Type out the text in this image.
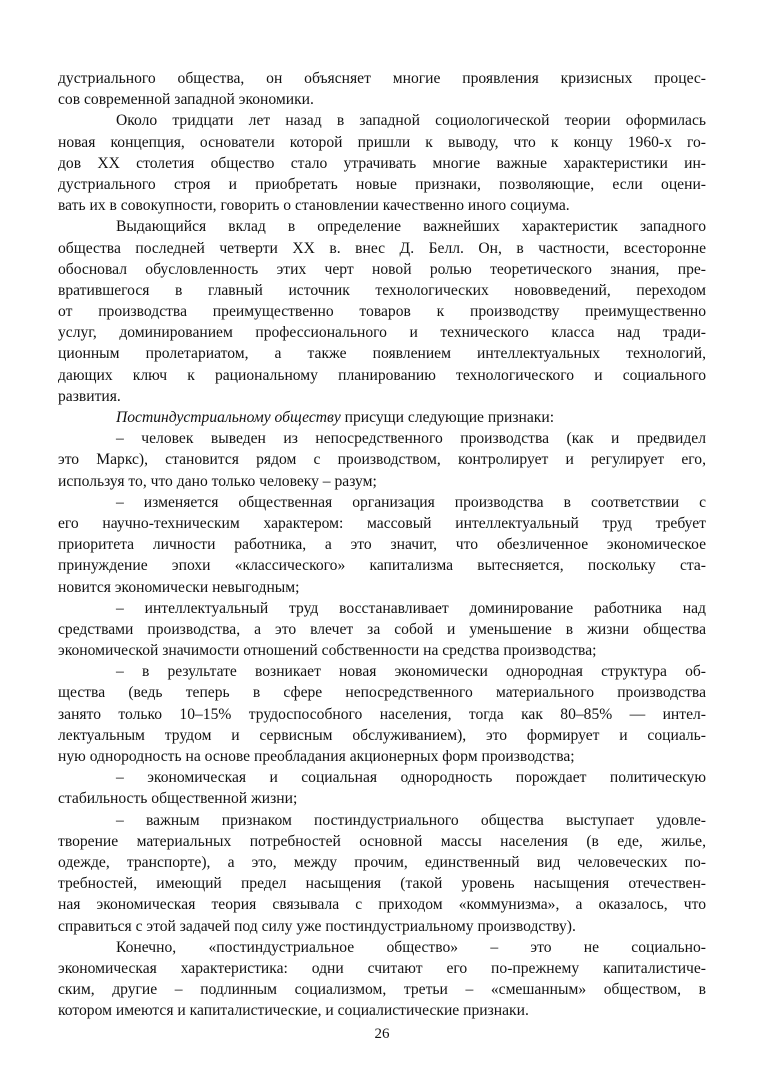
дустриального общества, он объясняет многие проявления кризисных процес-
сов современной западной экономики.
Около тридцати лет назад в западной социологической теории оформилась
новая концепция, основатели которой пришли к выводу, что к концу 1960-х го-
дов XX столетия общество стало утрачивать многие важные характеристики ин-
дустриального строя и приобретать новые признаки, позволяющие, если оцени-
вать их в совокупности, говорить о становлении качественно иного социума.
Выдающийся вклад в определение важнейших характеристик западного
общества последней четверти XX в. внес Д. Белл. Он, в частности, всесторонне
обосновал обусловленность этих черт новой ролью теоретического знания, пре-
вратившегося в главный источник технологических нововведений, переходом
от производства преимущественно товаров к производству преимущественно
услуг, доминированием профессионального и технического класса над тради-
ционным пролетариатом, а также появлением интеллектуальных технологий,
дающих ключ к рациональному планированию технологического и социального
развития.
Постиндустриальному обществу присущи следующие признаки:
– человек выведен из непосредственного производства (как и предвидел
это Маркс), становится рядом с производством, контролирует и регулирует его,
используя то, что дано только человеку – разум;
– изменяется общественная организация производства в соответствии с
его научно-техническим характером: массовый интеллектуальный труд требует
приоритета личности работника, а это значит, что обезличенное экономическое
принуждение эпохи «классического» капитализма вытесняется, поскольку ста-
новится экономически невыгодным;
– интеллектуальный труд восстанавливает доминирование работника над
средствами производства, а это влечет за собой и уменьшение в жизни общества
экономической значимости отношений собственности на средства производства;
– в результате возникает новая экономически однородная структура об-
щества (ведь теперь в сфере непосредственного материального производства
занято только 10–15% трудоспособного населения, тогда как 80–85% — интел-
лектуальным трудом и сервисным обслуживанием), это формирует и социаль-
ную однородность на основе преобладания акционерных форм производства;
– экономическая и социальная однородность порождает политическую
стабильность общественной жизни;
– важным признаком постиндустриального общества выступает удовле-
творение материальных потребностей основной массы населения (в еде, жилье,
одежде, транспорте), а это, между прочим, единственный вид человеческих по-
требностей, имеющий предел насыщения (такой уровень насыщения отечествен-
ная экономическая теория связывала с приходом «коммунизма», а оказалось, что
справиться с этой задачей под силу уже постиндустриальному производству).
Конечно, «постиндустриальное общество» – это не социально-
экономическая характеристика: одни считают его по-прежнему капиталистиче-
ским, другие – подлинным социализмом, третьи – «смешанным» обществом, в
котором имеются и капиталистические, и социалистические признаки.
26
